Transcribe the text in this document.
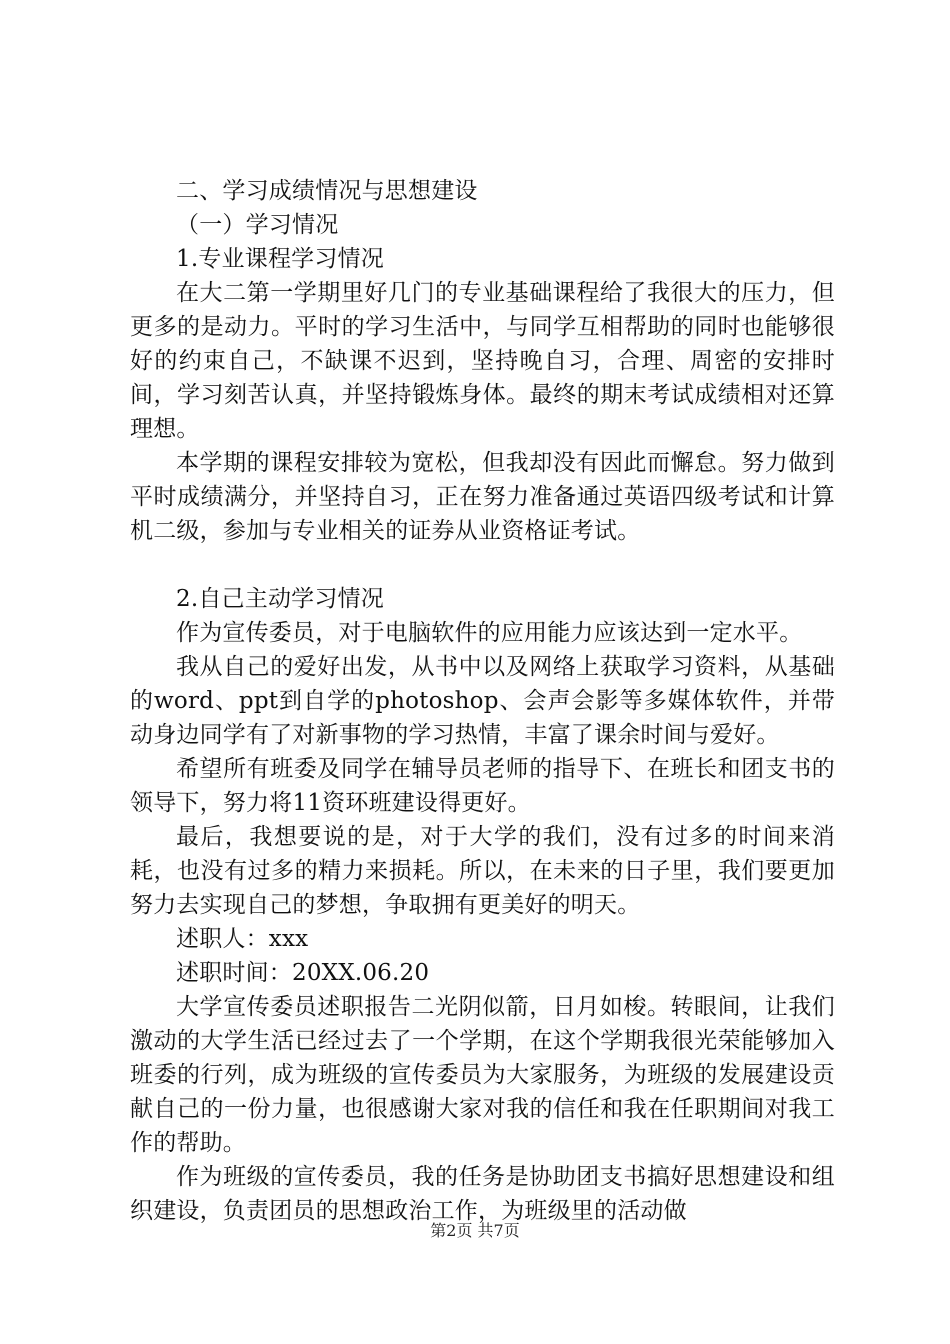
二、学习成绩情况与思想建设

（一）学习情况

1.专业课程学习情况

在大二第一学期里好几门的专业基础课程给了我很大的压力，但更多的是动力。平时的学习生活中，与同学互相帮助的同时也能够很好的约束自己，不缺课不迟到，坚持晚自习，合理、周密的安排时间，学习刻苦认真，并坚持锻炼身体。最终的期末考试成绩相对还算理想。

本学期的课程安排较为宽松，但我却没有因此而懈怠。努力做到平时成绩满分，并坚持自习，正在努力准备通过英语四级考试和计算机二级，参加与专业相关的证券从业资格证考试。

2.自己主动学习情况

作为宣传委员，对于电脑软件的应用能力应该达到一定水平。

我从自己的爱好出发，从书中以及网络上获取学习资料，从基础的word、ppt到自学的photoshop、会声会影等多媒体软件，并带动身边同学有了对新事物的学习热情，丰富了课余时间与爱好。

希望所有班委及同学在辅导员老师的指导下、在班长和团支书的领导下，努力将11资环班建设得更好。

最后，我想要说的是，对于大学的我们，没有过多的时间来消耗，也没有过多的精力来损耗。所以，在未来的日子里，我们要更加努力去实现自己的梦想，争取拥有更美好的明天。

述职人：xxx

述职时间：20XX.06.20

大学宣传委员述职报告二光阴似箭，日月如梭。转眼间，让我们激动的大学生活已经过去了一个学期，在这个学期我很光荣能够加入班委的行列，成为班级的宣传委员为大家服务，为班级的发展建设贡献自己的一份力量，也很感谢大家对我的信任和我在任职期间对我工作的帮助。

作为班级的宣传委员，我的任务是协助团支书搞好思想建设和组织建设，负责团员的思想政治工作，为班级里的活动做

第2页 共7页
